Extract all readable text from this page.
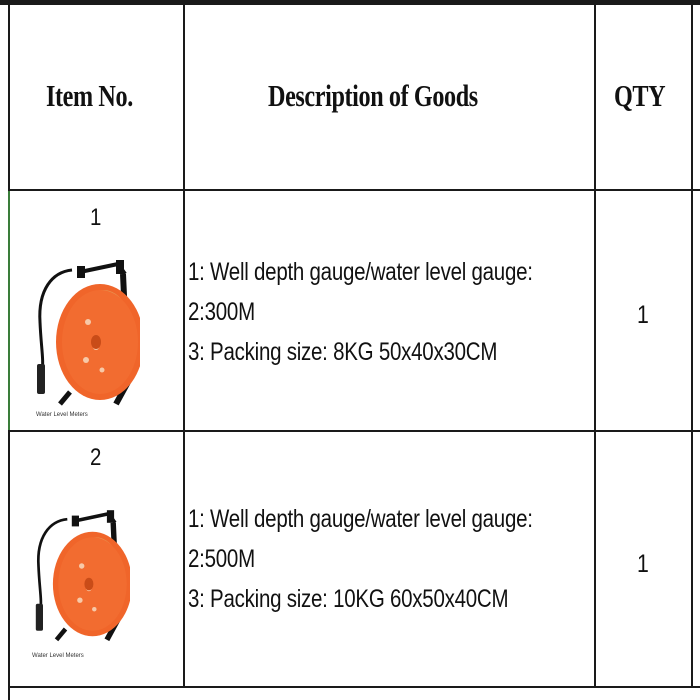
Item No.	Description of Goods	QTY
1
Water Level Meters
1: Well depth gauge/water level gauge:
2:300M
3: Packing size: 8KG 50x40x30CM
1
2
Water Level Meters
1: Well depth gauge/water level gauge:
2:500M
3: Packing size: 10KG 60x50x40CM
1
